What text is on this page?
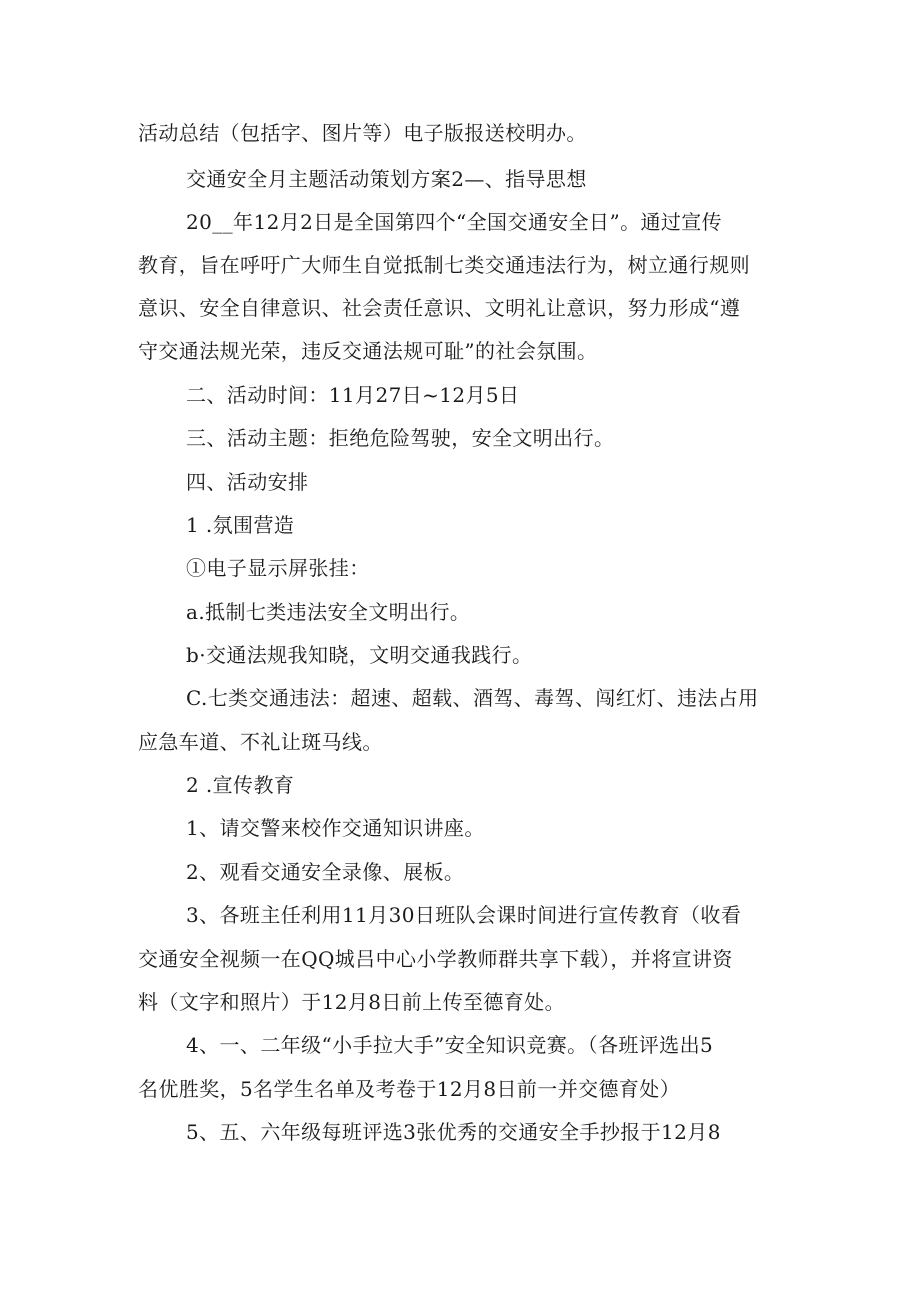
活动总结（包括字、图片等）电子版报送校明办。
交通安全月主题活动策划方案2—、指导思想
20__年12月2日是全国第四个“全国交通安全日”。通过宣传
教育，旨在呼吁广大师生自觉抵制七类交通违法行为，树立通行规则
意识、安全自律意识、社会责任意识、文明礼让意识，努力形成“遵
守交通法规光荣，违反交通法规可耻”的社会氛围。
二、活动时间：11月27日~12月5日
三、活动主题：拒绝危险驾驶，安全文明出行。
四、活动安排
1 .氛围营造
①电子显示屏张挂：
a.抵制七类违法安全文明出行。
b·交通法规我知晓，文明交通我践行。
C.七类交通违法：超速、超载、酒驾、毒驾、闯红灯、违法占用
应急车道、不礼让斑马线。
2 .宣传教育
1、请交警来校作交通知识讲座。
2、观看交通安全录像、展板。
3、各班主任利用11月30日班队会课时间进行宣传教育（收看
交通安全视频一在QQ城吕中心小学教师群共享下载），并将宣讲资
料（文字和照片）于12月8日前上传至德育处。
4、一、二年级“小手拉大手”安全知识竞赛。（各班评选出5
名优胜奖，5名学生名单及考卷于12月8日前一并交德育处）
5、五、六年级每班评选3张优秀的交通安全手抄报于12月8
